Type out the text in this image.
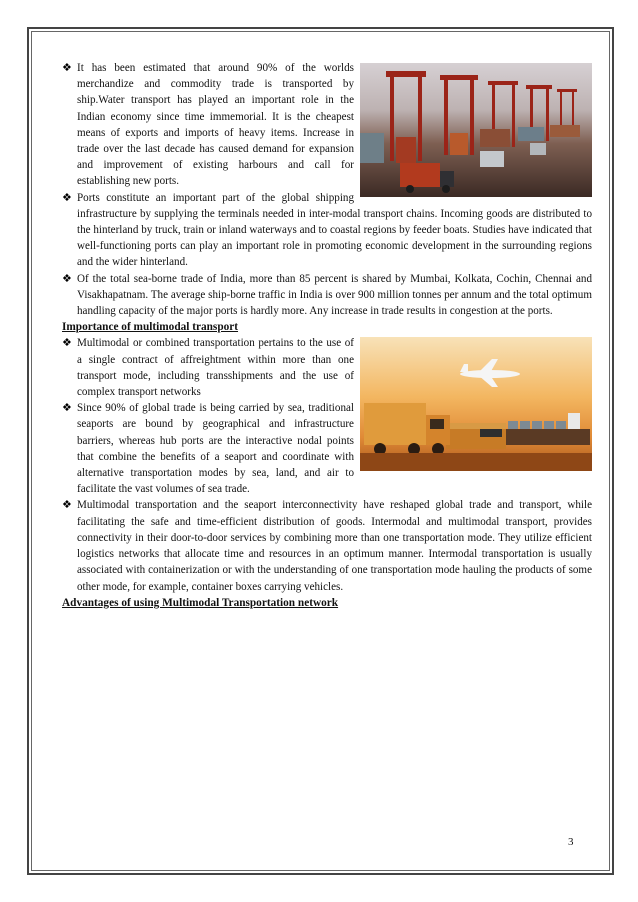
❖ It has been estimated that around 90% of the worlds merchandize and commodity trade is transported by ship.Water transport has played an important role in the Indian economy since time immemorial. It is the cheapest means of exports and imports of heavy items. Increase in trade over the last decade has caused demand for expansion and improvement of existing harbours and call for establishing new ports.

❖ Ports constitute an important part of the global shipping infrastructure by supplying the terminals needed in inter-modal transport chains. Incoming goods are distributed to the hinterland by truck, train or inland waterways and to coastal regions by feeder boats. Studies have indicated that well-functioning ports can play an important role in promoting economic development in the surrounding regions and the wider hinterland.

❖ Of the total sea-borne trade of India, more than 85 percent is shared by Mumbai, Kolkata, Cochin, Chennai and Visakhapatnam. The average ship-borne traffic in India is over 900 million tonnes per annum and the total optimum handling capacity of the major ports is hardly more. Any increase in trade results in congestion at the ports.

Importance of multimodal transport

❖ Multimodal or combined transportation pertains to the use of a single contract of affreightment within more than one transport mode, including transshipments and the use of complex transport networks

❖ Since 90% of global trade is being carried by sea, traditional seaports are bound by geographical and infrastructure barriers, whereas hub ports are the interactive nodal points that combine the benefits of a seaport and coordinate with alternative transportation modes by sea, land, and air to facilitate the vast volumes of sea trade.

❖ Multimodal transportation and the seaport interconnectivity have reshaped global trade and transport, while facilitating the safe and time-efficient distribution of goods. Intermodal and multimodal transport, provides connectivity in their door-to-door services by combining more than one transportation mode. They utilize efficient logistics networks that allocate time and resources in an optimum manner. Intermodal transportation is usually associated with containerization or with the understanding of one transportation mode hauling the products of some other mode, for example, container boxes carrying vehicles.

Advantages of using Multimodal Transportation network

3
